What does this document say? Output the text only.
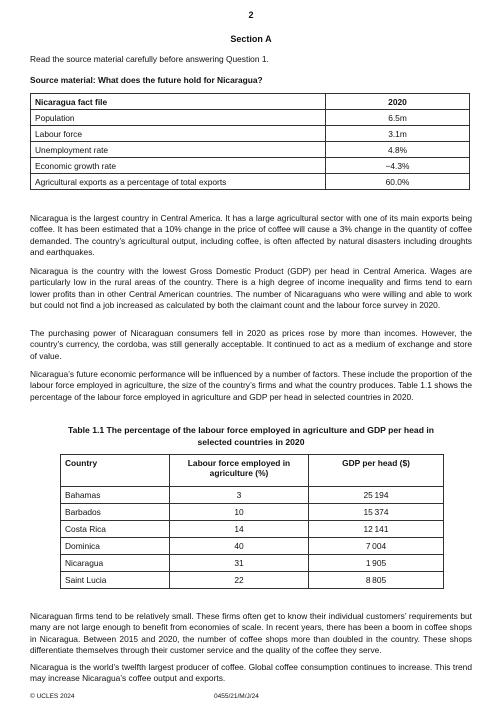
2
Section A
Read the source material carefully before answering Question 1.
Source material: What does the future hold for Nicaragua?
Nicaragua fact file	2020
Population	6.5m
Labour force	3.1m
Unemployment rate	4.8%
Economic growth rate	−4.3%
Agricultural exports as a percentage of total exports	60.0%

Nicaragua is the largest country in Central America. It has a large agricultural sector with one of its main exports being coffee. It has been estimated that a 10% change in the price of coffee will cause a 3% change in the quantity of coffee demanded. The country’s agricultural output, including coffee, is often affected by natural disasters including droughts and earthquakes.

Nicaragua is the country with the lowest Gross Domestic Product (GDP) per head in Central America. Wages are particularly low in the rural areas of the country. There is a high degree of income inequality and firms tend to earn lower profits than in other Central American countries. The number of Nicaraguans who were willing and able to work but could not find a job increased as calculated by both the claimant count and the labour force survey in 2020.

The purchasing power of Nicaraguan consumers fell in 2020 as prices rose by more than incomes. However, the country’s currency, the cordoba, was still generally acceptable. It continued to act as a medium of exchange and store of value.

Nicaragua’s future economic performance will be influenced by a number of factors. These include the proportion of the labour force employed in agriculture, the size of the country’s firms and what the country produces. Table 1.1 shows the percentage of the labour force employed in agriculture and GDP per head in selected countries in 2020.

Table 1.1 The percentage of the labour force employed in agriculture and GDP per head in selected countries in 2020
Country	Labour force employed in agriculture (%)	GDP per head ($)
Bahamas	3	25 194
Barbados	10	15 374
Costa Rica	14	12 141
Dominica	40	7 004
Nicaragua	31	1 905
Saint Lucia	22	8 805

Nicaraguan firms tend to be relatively small. These firms often get to know their individual customers’ requirements but many are not large enough to benefit from economies of scale. In recent years, there has been a boom in coffee shops in Nicaragua. Between 2015 and 2020, the number of coffee shops more than doubled in the country. These shops differentiate themselves through their customer service and the quality of the coffee they serve.

Nicaragua is the world’s twelfth largest producer of coffee. Global coffee consumption continues to increase. This trend may increase Nicaragua’s coffee output and exports.

© UCLES 2024	0455/21/M/J/24
